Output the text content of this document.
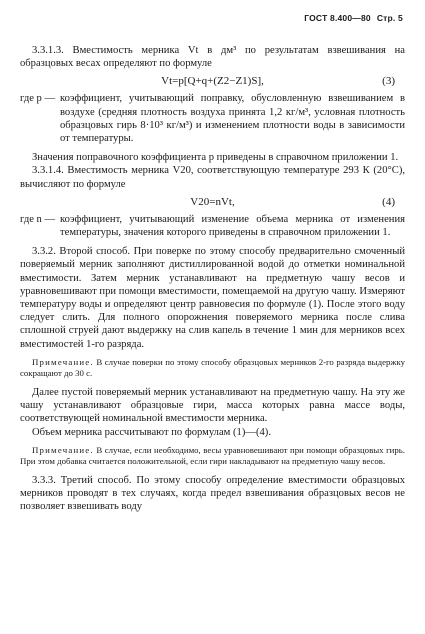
ГОСТ 8.400—80 Стр. 5

3.3.1.3. Вместимость мерника Vt в дм³ по результатам взвешивания на образцовых весах определяют по формуле

Vt=p[Q+q+(Z2−Z1)S],	(3)
где p — коэффициент, учитывающий поправку, обусловленную взвешиванием в воздухе (средняя плотность воздуха принята 1,2 кг/м³, условная плотность образцовых гирь 8·10³ кг/м³) и изменением плотности воды в зависимости от температуры.

Значения поправочного коэффициента p приведены в справочном приложении 1.

3.3.1.4. Вместимость мерника V20, соответствующую температуре 293 К (20°С), вычисляют по формуле

V20=nVt,	(4)
где n — коэффициент, учитывающий изменение объема мерника от изменения температуры, значения которого приведены в справочном приложении 1.

3.3.2. Второй способ. При поверке по этому способу предварительно смоченный поверяемый мерник заполняют дистиллированной водой до отметки номинальной вместимости. Затем мерник устанавливают на предметную чашу весов и уравновешивают при помощи вместимости, помещаемой на другую чашу. Измеряют температуру воды и определяют центр равновесия по формуле (1). После этого воду следует слить. Для полного опорожнения поверяемого мерника после слива сплошной струей дают выдержку на слив капель в течение 1 мин для мерников всех вместимостей 1-го разряда.

Примечание. В случае поверки по этому способу образцовых мерников 2-го разряда выдержку сокращают до 30 с.

Далее пустой поверяемый мерник устанавливают на предметную чашу. На эту же чашу устанавливают образцовые гири, масса которых равна массе воды, соответствующей номинальной вместимости мерника.

Объем мерника рассчитывают по формулам (1)—(4).

Примечание. В случае, если необходимо, весы уравновешивают при помощи образцовых гирь. При этом добавка считается положительной, если гири накладывают на предметную чашу весов.

3.3.3. Третий способ. По этому способу определение вместимости образцовых мерников проводят в тех случаях, когда предел взвешивания образцовых весов не позволяет взвешивать воду
